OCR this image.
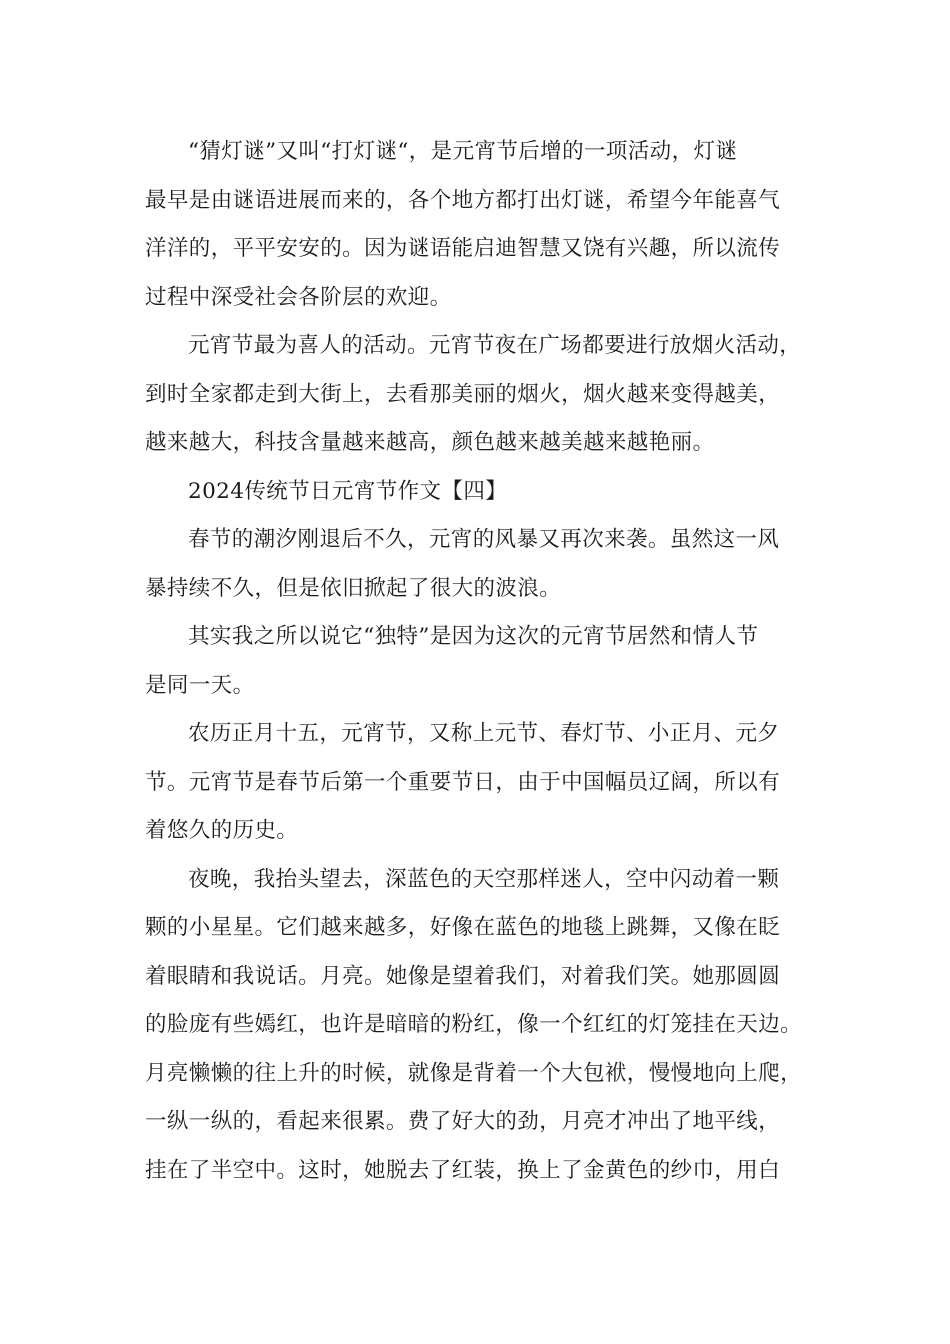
“猜灯谜”又叫“打灯谜“，是元宵节后增的一项活动，灯谜
最早是由谜语进展而来的，各个地方都打出灯谜，希望今年能喜气
洋洋的，平平安安的。因为谜语能启迪智慧又饶有兴趣，所以流传
过程中深受社会各阶层的欢迎。
元宵节最为喜人的活动。元宵节夜在广场都要进行放烟火活动，
到时全家都走到大街上，去看那美丽的烟火，烟火越来变得越美，
越来越大，科技含量越来越高，颜色越来越美越来越艳丽。

2024传统节日元宵节作文【四】

春节的潮汐刚退后不久，元宵的风暴又再次来袭。虽然这一风
暴持续不久，但是依旧掀起了很大的波浪。
其实我之所以说它“独特”是因为这次的元宵节居然和情人节
是同一天。
农历正月十五，元宵节，又称上元节、春灯节、小正月、元夕
节。元宵节是春节后第一个重要节日，由于中国幅员辽阔，所以有
着悠久的历史。
夜晚，我抬头望去，深蓝色的天空那样迷人，空中闪动着一颗
颗的小星星。它们越来越多，好像在蓝色的地毯上跳舞，又像在眨
着眼睛和我说话。月亮。她像是望着我们，对着我们笑。她那圆圆
的脸庞有些嫣红，也许是暗暗的粉红，像一个红红的灯笼挂在天边。
月亮懒懒的往上升的时候，就像是背着一个大包袱，慢慢地向上爬，
一纵一纵的，看起来很累。费了好大的劲，月亮才冲出了地平线，
挂在了半空中。这时，她脱去了红装，换上了金黄色的纱巾，用白
